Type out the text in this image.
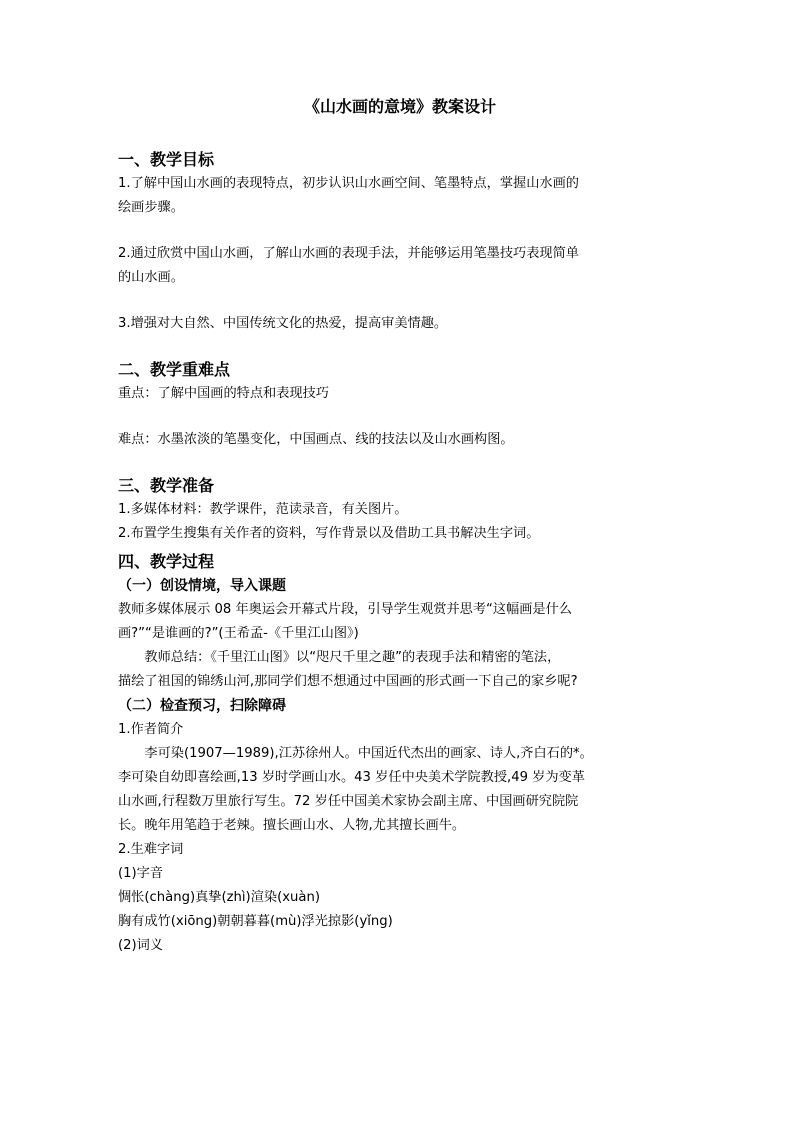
《山水画的意境》教案设计
一、教学目标
1.了解中国山水画的表现特点，初步认识山水画空间、笔墨特点，掌握山水画的
绘画步骤。
2.通过欣赏中国山水画，了解山水画的表现手法，并能够运用笔墨技巧表现简单
的山水画。
3.增强对大自然、中国传统文化的热爱，提高审美情趣。
二、教学重难点
重点：了解中国画的特点和表现技巧
难点：水墨浓淡的笔墨变化，中国画点、线的技法以及山水画构图。
三、教学准备
1.多媒体材料：教学课件，范读录音，有关图片。
2.布置学生搜集有关作者的资料，写作背景以及借助工具书解决生字词。
四、教学过程
（一）创设情境，导入课题
教师多媒体展示 08 年奥运会开幕式片段，引导学生观赏并思考“这幅画是什么
画?”“是谁画的?”(王希孟-《千里江山图》)
教师总结：《千里江山图》以“咫尺千里之趣”的表现手法和精密的笔法，
描绘了祖国的锦绣山河,那同学们想不想通过中国画的形式画一下自己的家乡呢?
（二）检查预习，扫除障碍
1.作者简介
李可染(1907—1989),江苏徐州人。中国近代杰出的画家、诗人,齐白石的*。
李可染自幼即喜绘画,13 岁时学画山水。43 岁任中央美术学院教授,49 岁为变革
山水画,行程数万里旅行写生。72 岁任中国美术家协会副主席、中国画研究院院
长。晚年用笔趋于老辣。擅长画山水、人物,尤其擅长画牛。
2.生难字词
(1)字音
惆怅(chàng)真挚(zhì)渲染(xuàn)
胸有成竹(xiōng)朝朝暮暮(mù)浮光掠影(yǐng)
(2)词义
